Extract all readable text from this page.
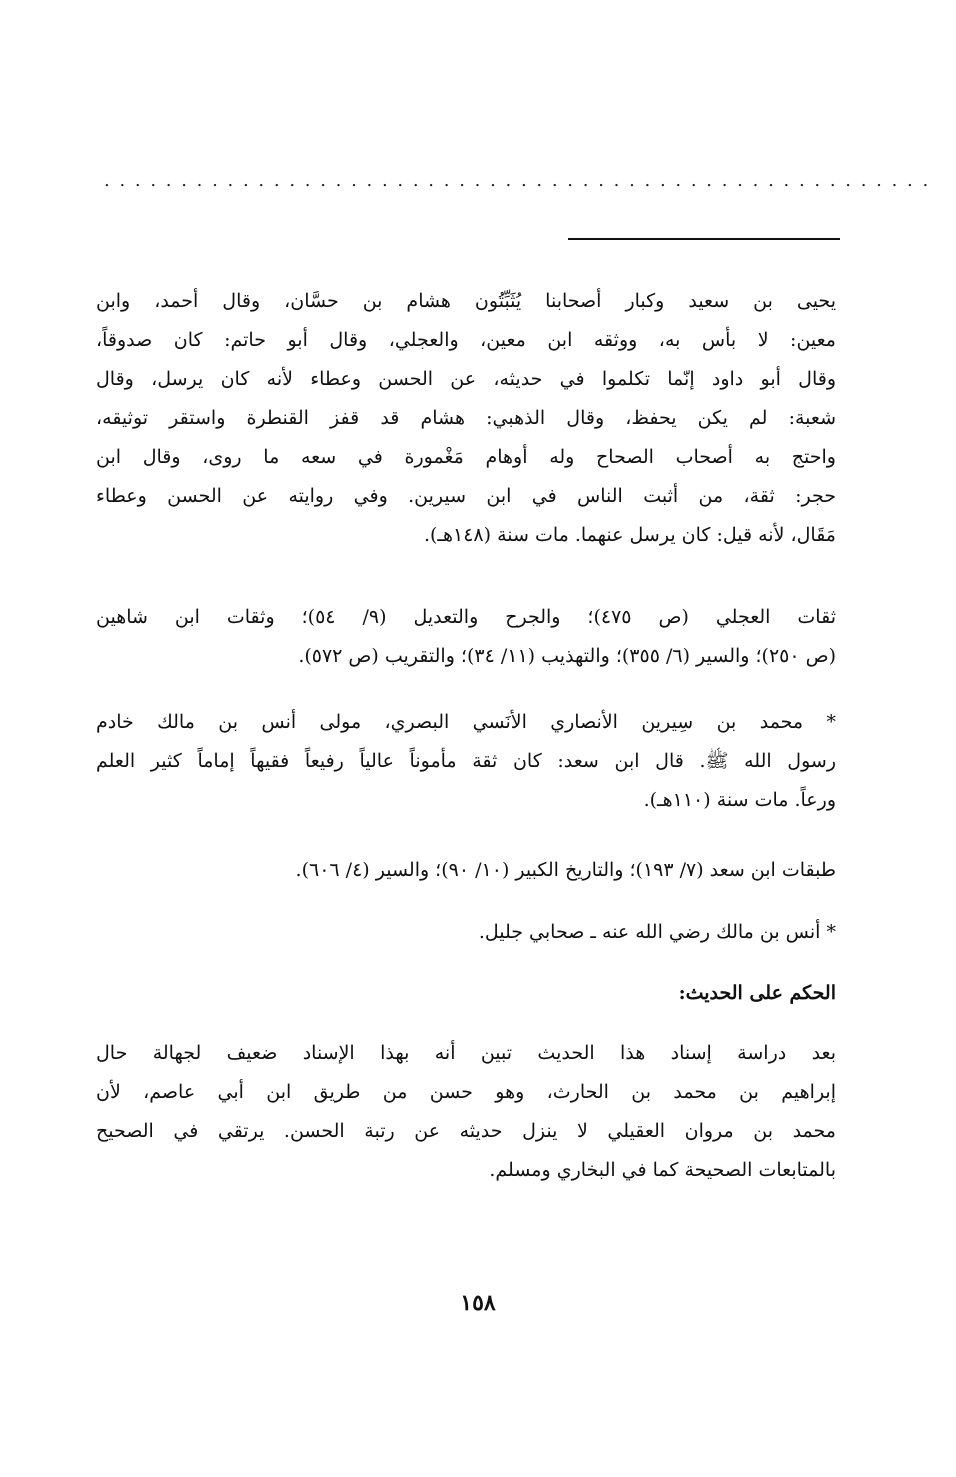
. . . . . . . . . . . . . . . . . . . . . . . . . . . . . . . . . . . . . . . . . . . . . . . . . . . . . .
يحيى بن سعيد وكبار أصحابنا يُثَبِّتُون هشام بن حسَّان، وقال أحمد، وابن
معين: لا بأس به، ووثقه ابن معين، والعجلي، وقال أبو حاتم: كان صدوقاً،
وقال أبو داود إنّما تكلموا في حديثه، عن الحسن وعطاء لأنه كان يرسل، وقال
شعبة: لم يكن يحفظ، وقال الذهبي: هشام قد قفز القنطرة واستقر توثيقه،
واحتج به أصحاب الصحاح وله أوهام مَغْمورة في سعه ما روى، وقال ابن
حجر: ثقة، من أثبت الناس في ابن سيرين. وفي روايته عن الحسن وعطاء
مَقَال، لأنه قيل: كان يرسل عنهما. مات سنة (١٤٨هـ).
ثقات العجلي (ص ٤٧٥)؛ والجرح والتعديل (٩/ ٥٤)؛ وثقات ابن شاهين
(ص ٢٥٠)؛ والسير (٦/ ٣٥٥)؛ والتهذيب (١١/ ٣٤)؛ والتقريب (ص ٥٧٢).
* محمد بن سِيرين الأنصاري الأنَسي البصري، مولى أنس بن مالك خادم
رسول الله ﷺ. قال ابن سعد: كان ثقة مأموناً عالياً رفيعاً فقيهاً إماماً كثير العلم
ورعاً. مات سنة (١١٠هـ).
طبقات ابن سعد (٧/ ١٩٣)؛ والتاريخ الكبير (١٠/ ٩٠)؛ والسير (٤/ ٦٠٦).
* أنس بن مالك رضي الله عنه ـ صحابي جليل.
الحكم على الحديث:
بعد دراسة إسناد هذا الحديث تبين أنه بهذا الإسناد ضعيف لجهالة حال
إبراهيم بن محمد بن الحارث، وهو حسن من طريق ابن أبي عاصم، لأن
محمد بن مروان العقيلي لا ينزل حديثه عن رتبة الحسن. يرتقي في الصحيح
بالمتابعات الصحيحة كما في البخاري ومسلم.
١٥٨
